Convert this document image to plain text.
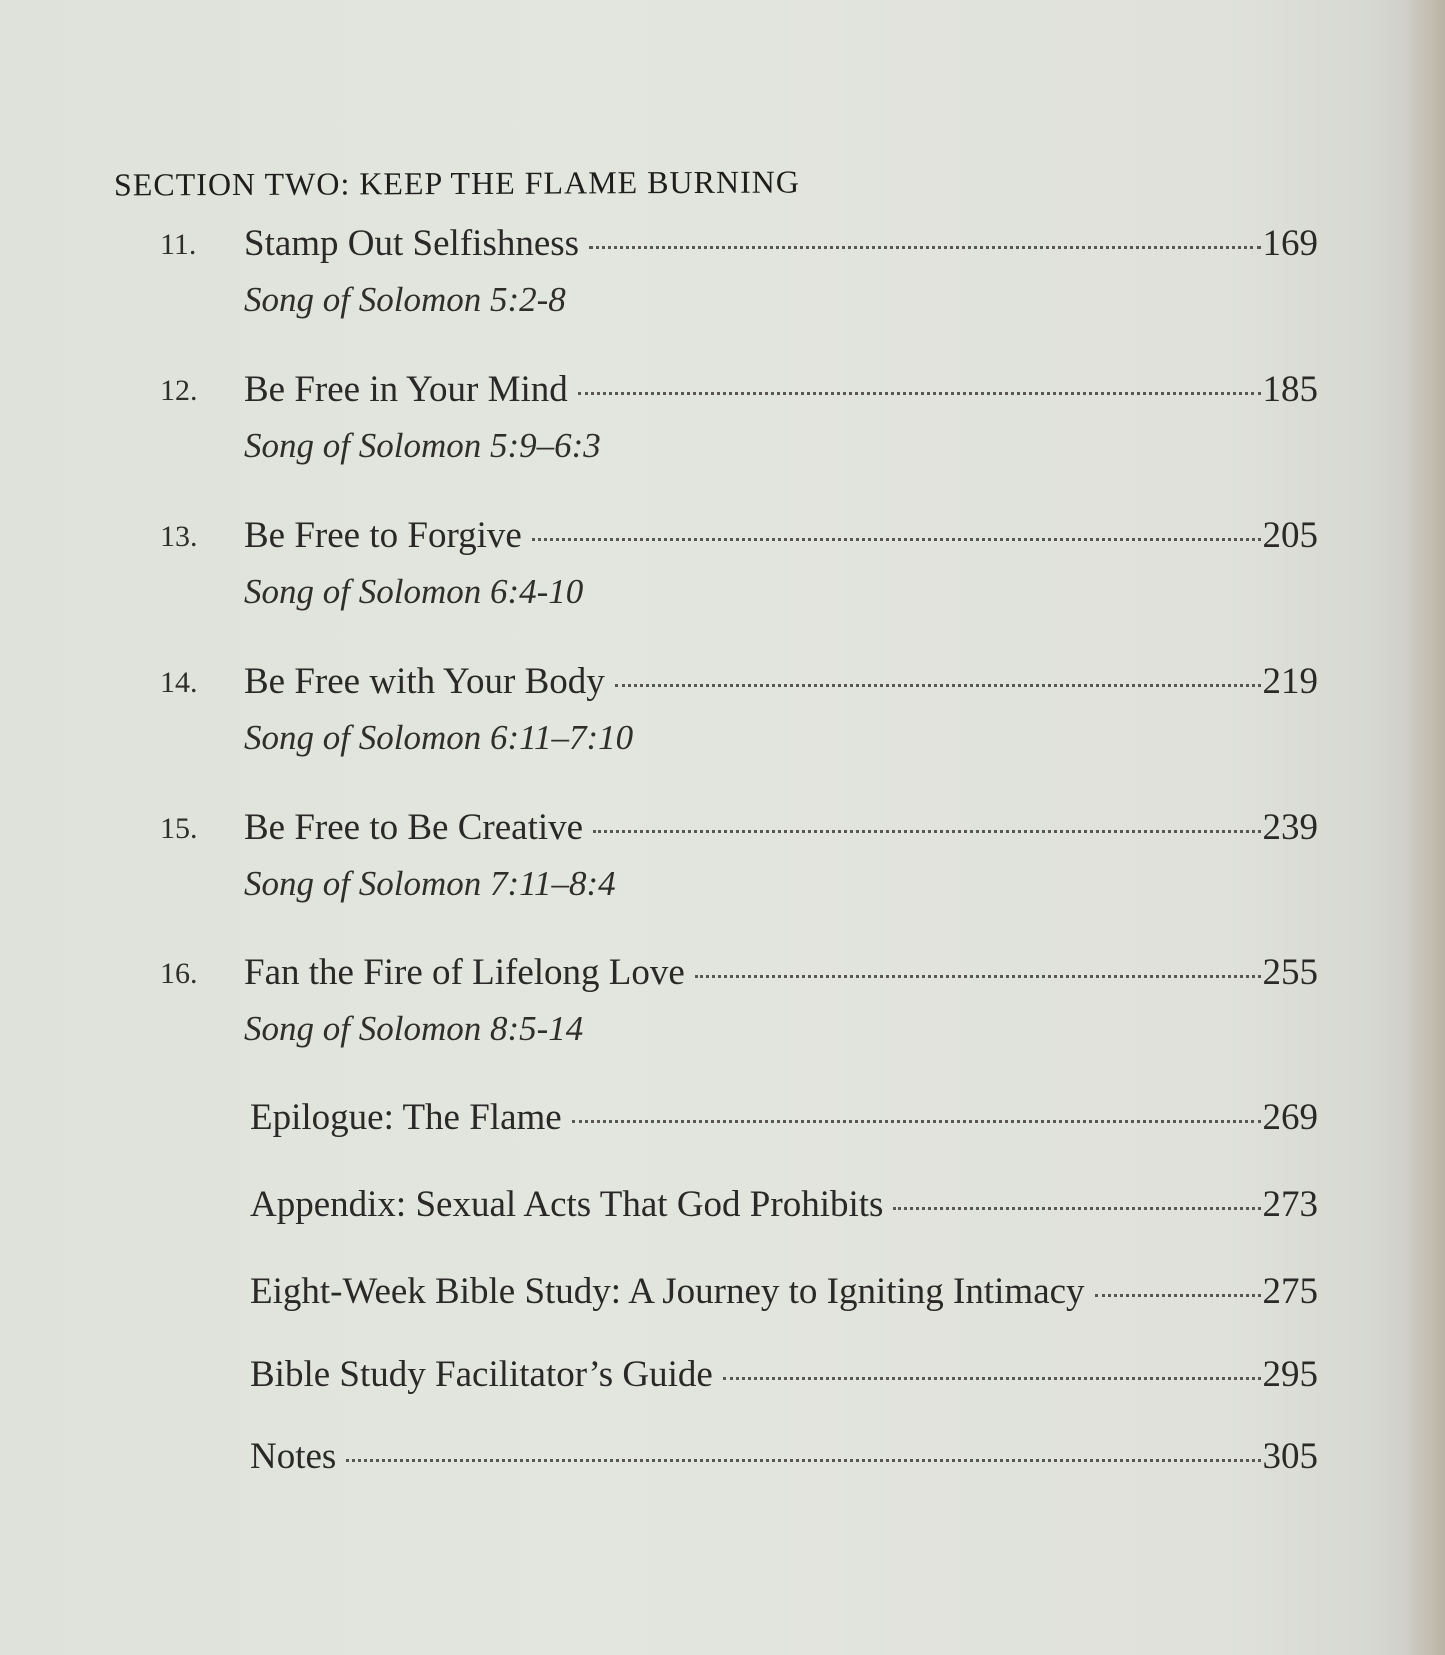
SECTION TWO: KEEP THE FLAME BURNING
11. Stamp Out Selfishness	169
Song of Solomon 5:2-8
12. Be Free in Your Mind	185
Song of Solomon 5:9–6:3
13. Be Free to Forgive	205
Song of Solomon 6:4-10
14. Be Free with Your Body	219
Song of Solomon 6:11–7:10
15. Be Free to Be Creative	239
Song of Solomon 7:11–8:4
16. Fan the Fire of Lifelong Love	255
Song of Solomon 8:5-14
Epilogue: The Flame	269
Appendix: Sexual Acts That God Prohibits	273
Eight-Week Bible Study: A Journey to Igniting Intimacy	275
Bible Study Facilitator’s Guide	295
Notes	305
